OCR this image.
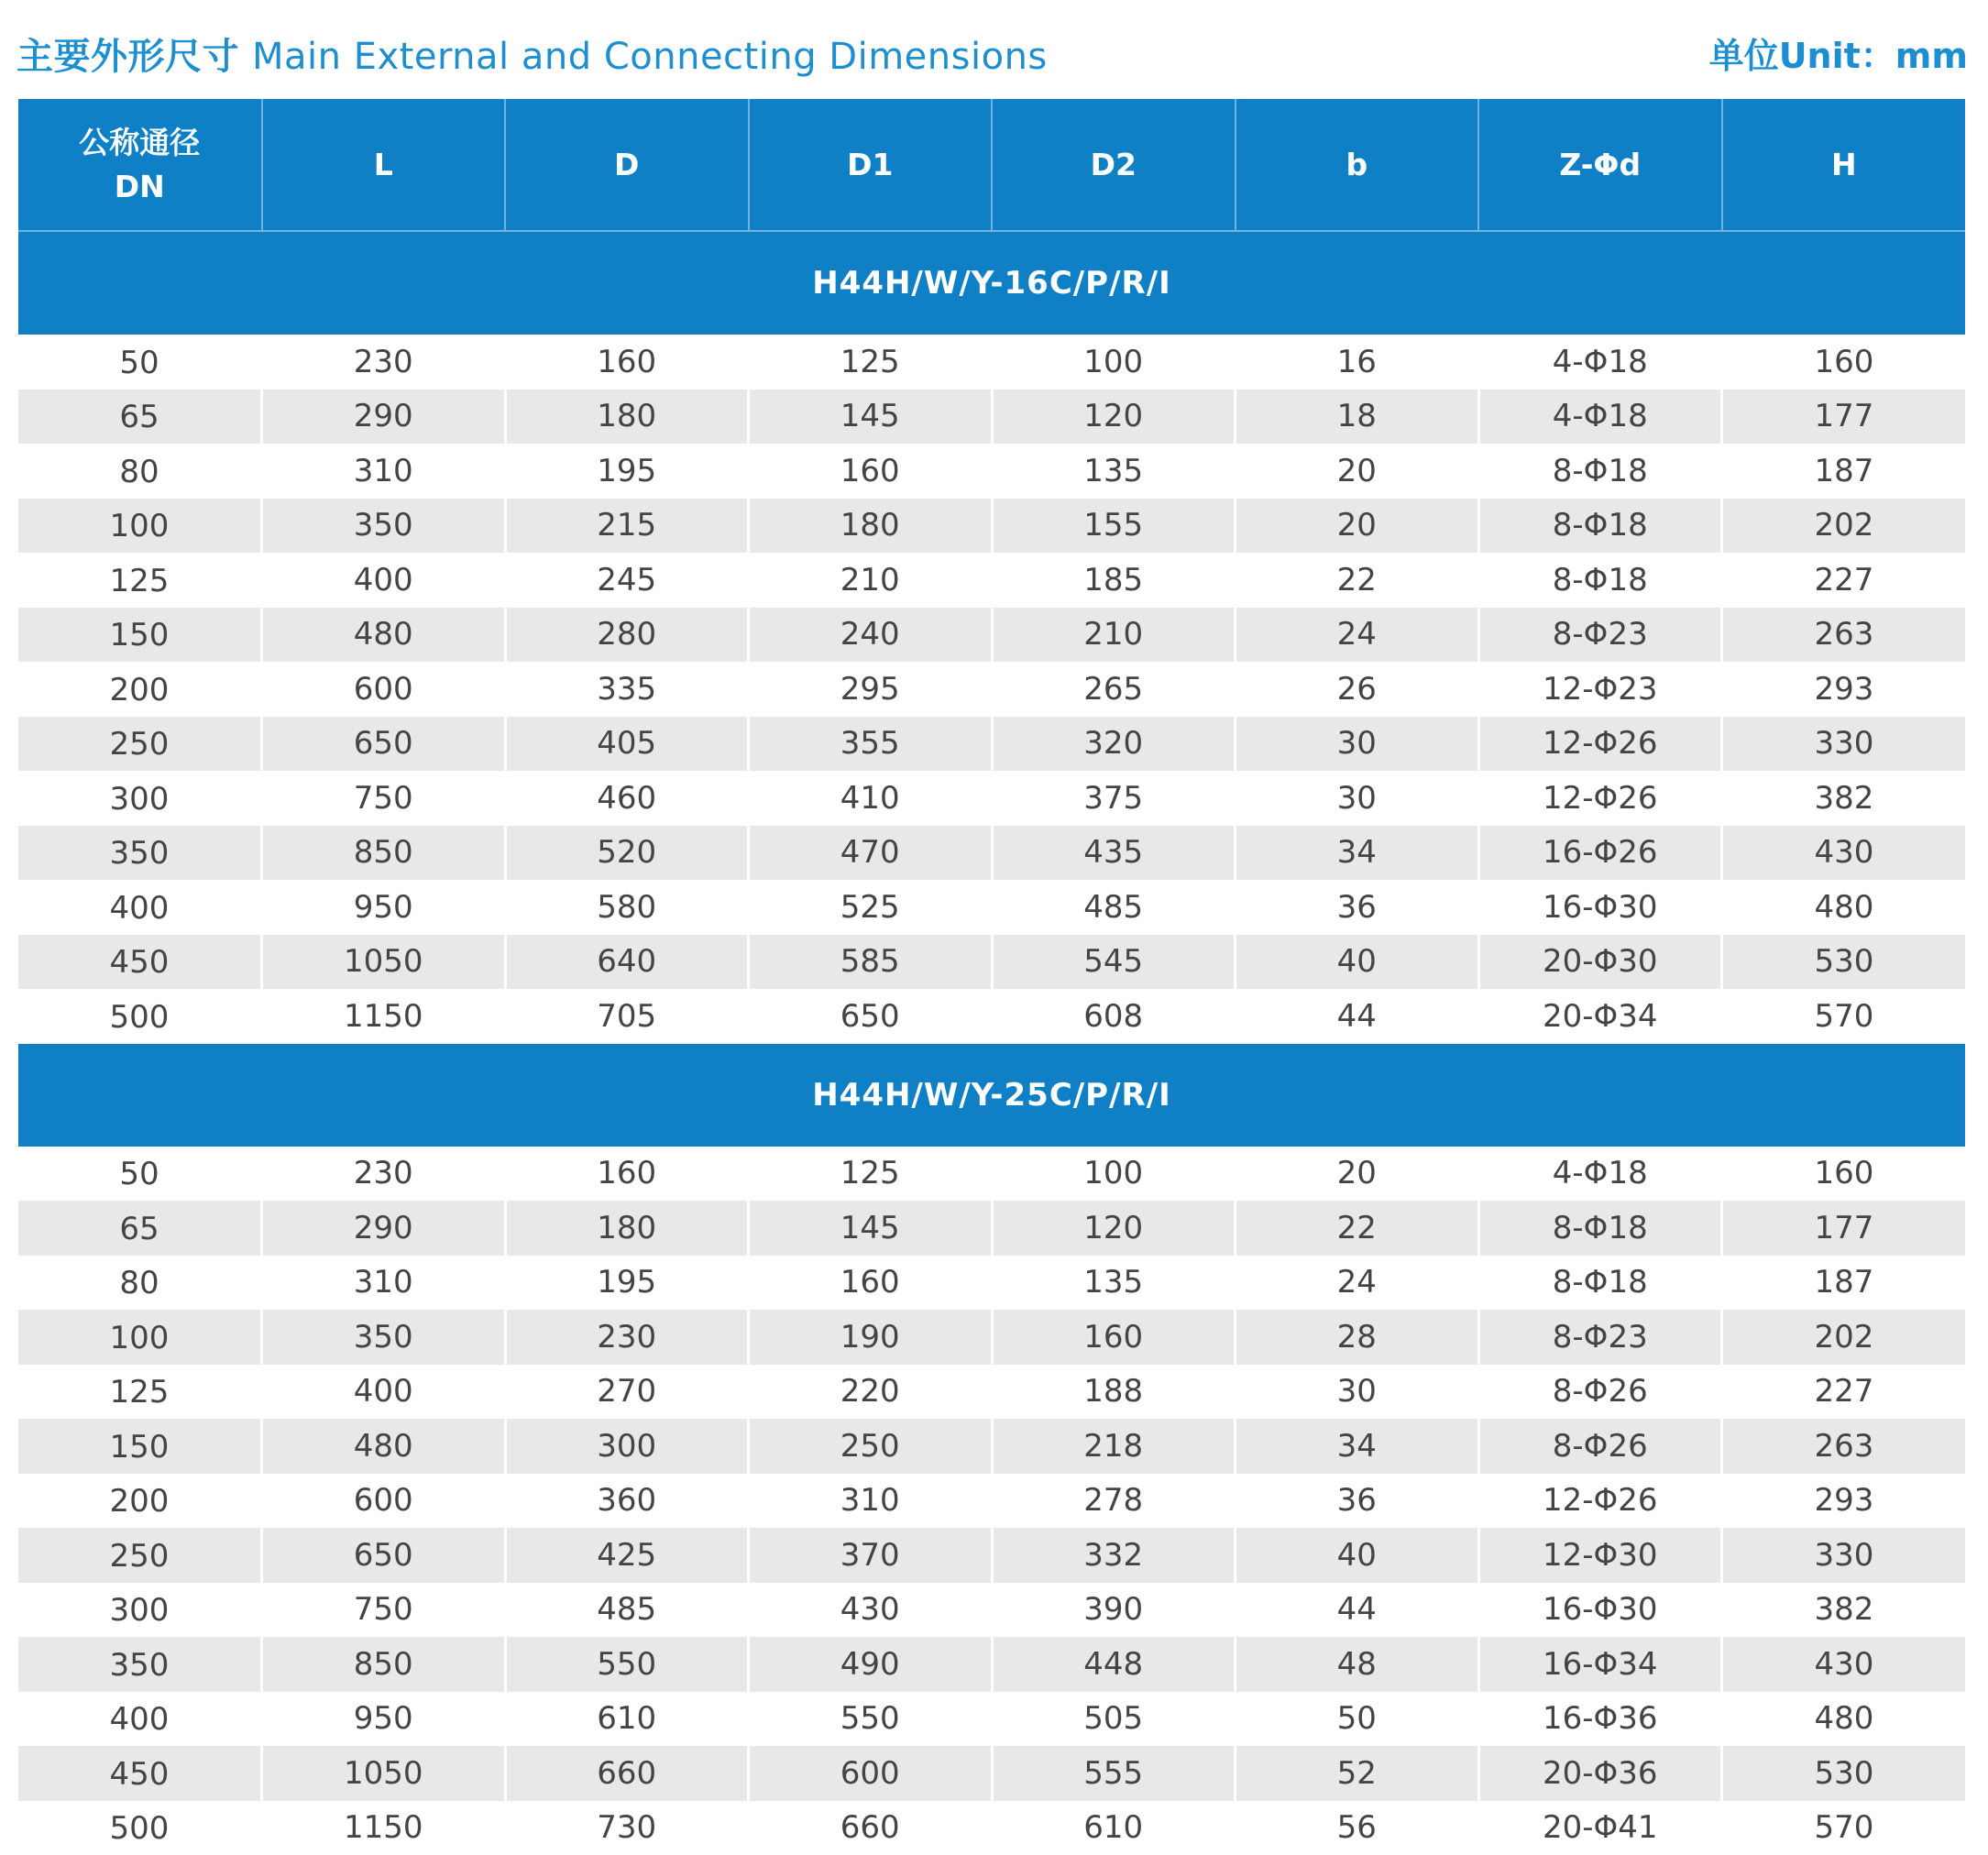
主要外形尺寸 Main External and Connecting Dimensions	单位Unit：mm
公称通径
DN	L	D	D1	D2	b	Z-Φd	H
H44H/W/Y-16C/P/R/I							
50	230	160	125	100	16	4-Φ18	160
65	290	180	145	120	18	4-Φ18	177
80	310	195	160	135	20	8-Φ18	187
100	350	215	180	155	20	8-Φ18	202
125	400	245	210	185	22	8-Φ18	227
150	480	280	240	210	24	8-Φ23	263
200	600	335	295	265	26	12-Φ23	293
250	650	405	355	320	30	12-Φ26	330
300	750	460	410	375	30	12-Φ26	382
350	850	520	470	435	34	16-Φ26	430
400	950	580	525	485	36	16-Φ30	480
450	1050	640	585	545	40	20-Φ30	530
500	1150	705	650	608	44	20-Φ34	570
H44H/W/Y-25C/P/R/I							
50	230	160	125	100	20	4-Φ18	160
65	290	180	145	120	22	8-Φ18	177
80	310	195	160	135	24	8-Φ18	187
100	350	230	190	160	28	8-Φ23	202
125	400	270	220	188	30	8-Φ26	227
150	480	300	250	218	34	8-Φ26	263
200	600	360	310	278	36	12-Φ26	293
250	650	425	370	332	40	12-Φ30	330
300	750	485	430	390	44	16-Φ30	382
350	850	550	490	448	48	16-Φ34	430
400	950	610	550	505	50	16-Φ36	480
450	1050	660	600	555	52	20-Φ36	530
500	1150	730	660	610	56	20-Φ41	570
